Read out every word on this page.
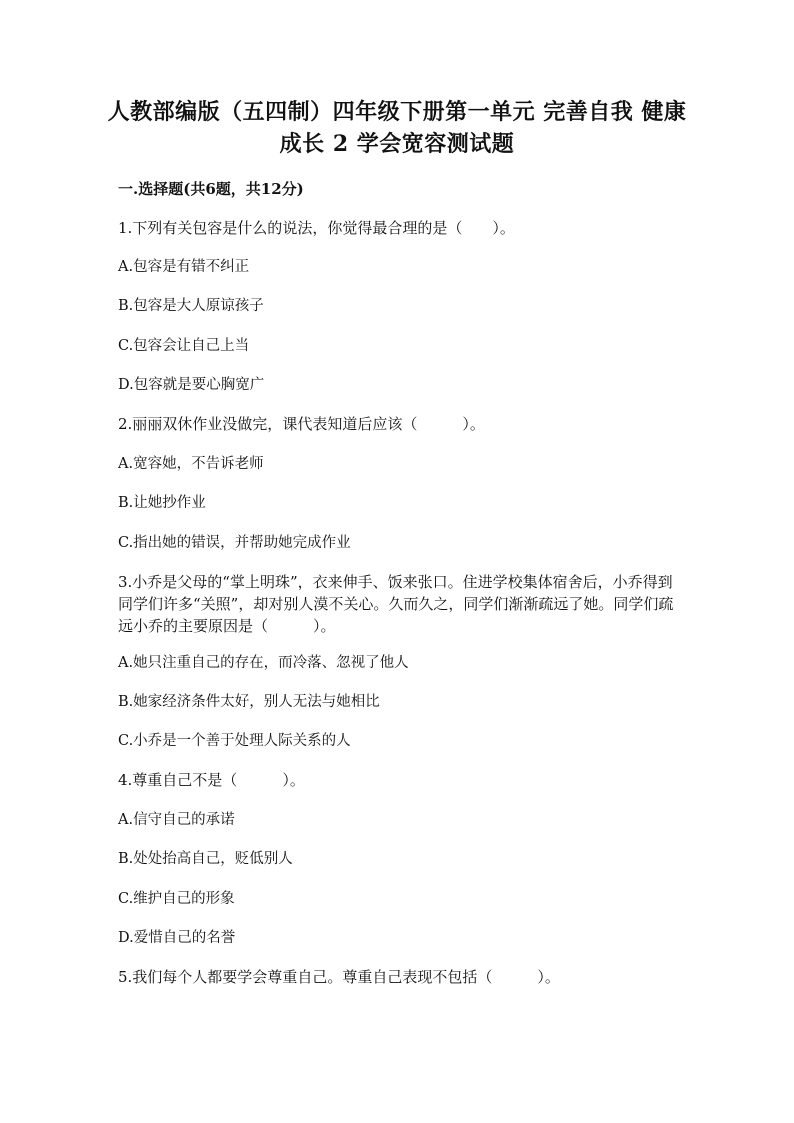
人教部编版（五四制）四年级下册第一单元 完善自我 健康成长 2 学会宽容测试题
一.选择题(共6题，共12分)
1.下列有关包容是什么的说法，你觉得最合理的是（　　）。
A.包容是有错不纠正
B.包容是大人原谅孩子
C.包容会让自己上当
D.包容就是要心胸宽广
2.丽丽双休作业没做完，课代表知道后应该（　　　）。
A.宽容她，不告诉老师
B.让她抄作业
C.指出她的错误，并帮助她完成作业
3.小乔是父母的“掌上明珠”，衣来伸手、饭来张口。住进学校集体宿舍后，小乔得到同学们许多“关照”，却对别人漠不关心。久而久之，同学们渐渐疏远了她。同学们疏远小乔的主要原因是（　　　）。
A.她只注重自己的存在，而冷落、忽视了他人
B.她家经济条件太好，别人无法与她相比
C.小乔是一个善于处理人际关系的人
4.尊重自己不是（　　　）。
A.信守自己的承诺
B.处处抬高自己，贬低别人
C.维护自己的形象
D.爱惜自己的名誉
5.我们每个人都要学会尊重自己。尊重自己表现不包括（　　　）。
